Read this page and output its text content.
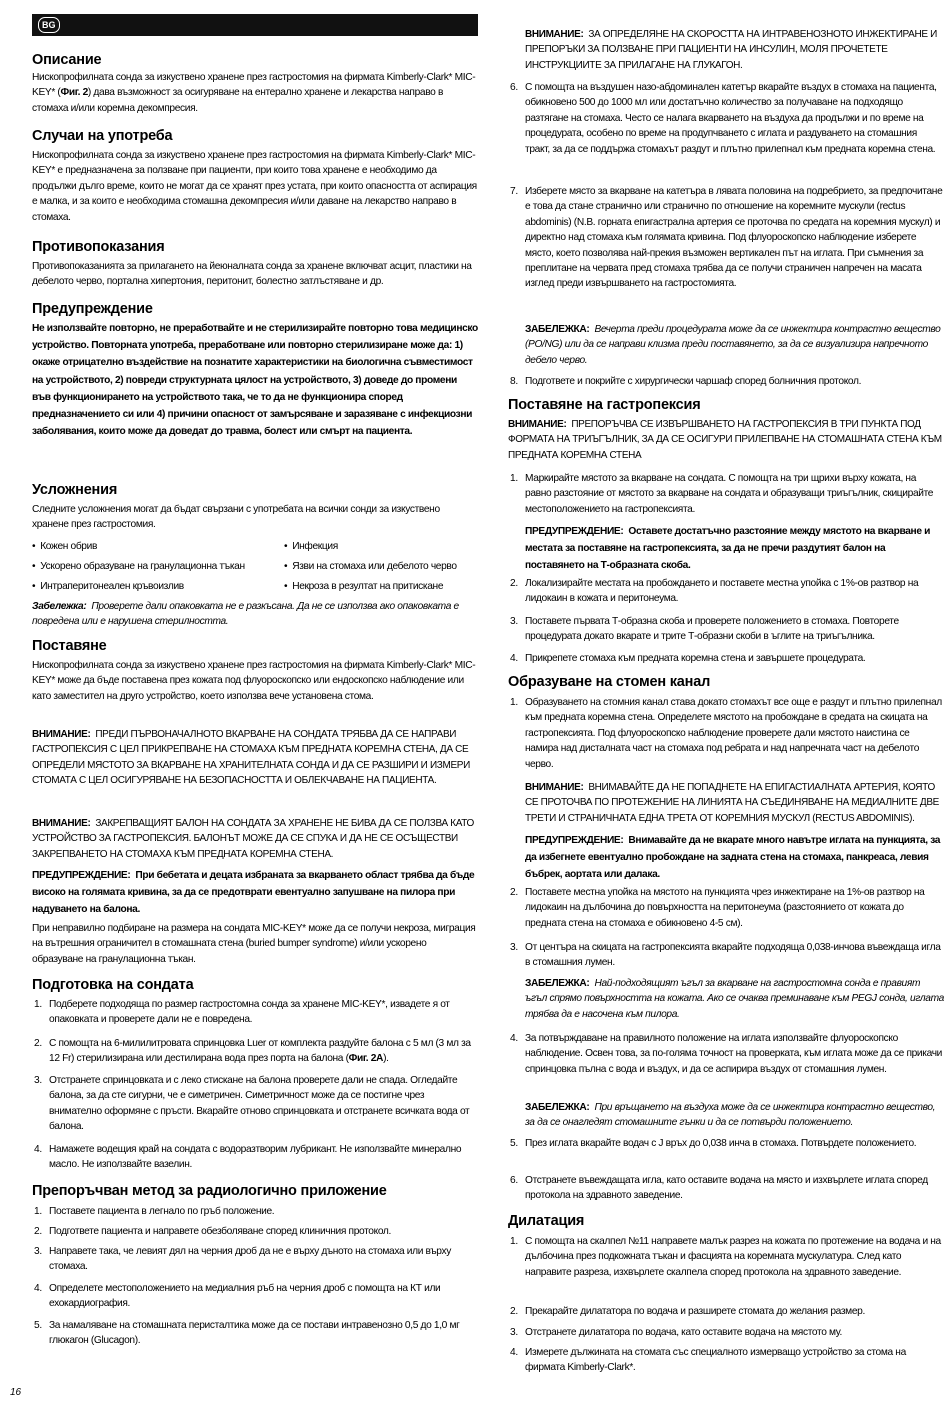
BG
Описание

Нископрофилната сонда за изкуствено хранене през гастростомия на фирмата Kimberly-Clark* MIC-KEY* (Фиг. 2) дава възможност за осигуряване на ентерално хранене и лекарства направо в стомаха и/или коремна декомпресия.

Случаи на употреба

Нископрофилната сонда за изкуствено хранене през гастростомия на фирмата Kimberly-Clark* MIC-KEY* е предназначена за ползване при пациенти, при които това хранене е необходимо да продължи дълго време, които не могат да се хранят през устата, при които опасността от аспирация е малка, и за които е необходима стомашна декомпресия и/или даване на лекарство направо в стомаха.

Противопоказания

Противопоказанията за прилагането на йеюналната сонда за хранене включват асцит, пластики на дебелото черво, портална хипертония, перитонит, болестно затлъстяване и др.

Предупреждение

Не използвайте повторно, не преработвайте и не стерилизирайте повторно това медицинско устройство. Повторната употреба, преработване или повторно стерилизиране може да: 1) окаже отрицателно въздействие на познатите характеристики на биологична съвместимост на устройството, 2) повреди структурната цялост на устройството, 3) доведе до промени във функционирането на устройството така, че то да не функционира според предназначението си или 4) причини опасност от замърсяване и заразяване с инфекциозни заболявания, които може да доведат до травма, болест или смърт на пациента.

Усложнения

Следните усложнения могат да бъдат свързани с употребата на всички сонди за изкуствено хранене през гастростомия.

•  Кожен обрив
•  Ускорено образуване на гранулационна тъкан
•  Интраперитонеален кръвоизлив
•  Инфекция
•  Язви на стомаха или дебелото черво
•  Некроза в резултат на притискане

Забележка: Проверете дали опаковката не е разкъсана. Да не се използва ако опаковката е повредена или е нарушена стерилността.

Поставяне

Нископрофилната сонда за изкуствено хранене през гастростомия на фирмата Kimberly-Clark* MIC-KEY* може да бъде поставена през кожата под флуороскопско или ендоскопско наблюдение или като заместител на друго устройство, което използва вече установена стома.

ВНИМАНИЕ: ПРЕДИ ПЪРВОНАЧАЛНОТО ВКАРВАНЕ НА СОНДАТА ТРЯБВА ДА СЕ НАПРАВИ ГАСТРОПЕКСИЯ С ЦЕЛ ПРИКРЕПВАНЕ НА СТОМАХА КЪМ ПРЕДНАТА КОРЕМНА СТЕНА, ДА СЕ ОПРЕДЕЛИ МЯСТОТО ЗА ВКАРВАНЕ НА ХРАНИТЕЛНАТА СОНДА И ДА СЕ РАЗШИРИ И ИЗМЕРИ СТОМАТА С ЦЕЛ ОСИГУРЯВАНЕ НА БЕЗОПАСНОСТТА И ОБЛЕКЧАВАНЕ НА ПАЦИЕНТА.

ВНИМАНИЕ: ЗАКРЕПВАЩИЯТ БАЛОН НА СОНДАТА ЗА ХРАНЕНЕ НЕ БИВА ДА СЕ ПОЛЗВА КАТО УСТРОЙСТВО ЗА ГАСТРОПЕКСИЯ. БАЛОНЪТ МОЖЕ ДА СЕ СПУКА И ДА НЕ СЕ ОСЪЩЕСТВИ ЗАКРЕПВАНЕТО НА СТОМАХА КЪМ ПРЕДНАТА КОРЕМНА СТЕНА.

ПРЕДУПРЕЖДЕНИЕ: При бебетата и децата избраната за вкарването област трябва да бъде високо на голямата кривина, за да се предотврати евентуално запушване на пилора при надуването на балона.

При неправилно подбиране на размера на сондата MIC-KEY* може да се получи некроза, миграция на вътрешния ограничител в стомашната стена (buried bumper syndrome) и/или ускорено образуване на гранулационна тъкан.

Подготовка на сондата
1. Подберете подходяща по размер гастростомна сонда за хранене MIC-KEY*, извадете я от опаковката и проверете дали не е повредена.
2. С помощта на 6-милилитровата спринцовка Luer от комплекта раздуйте балона с 5 мл (3 мл за 12 Fr) стерилизирана или дестилирана вода през порта на балона (Фиг. 2А).
3. Отстранете спринцовката и с леко стискане на балона проверете дали не спада. Огледайте балона, за да сте сигурни, че е симетричен. Симетричност може да се постигне чрез внимателно оформяне с пръсти. Вкарайте отново спринцовката и отстранете всичката вода от балона.
4. Намажете водещия край на сондата с водоразтворим лубрикант. Не използвайте минерално масло. Не използвайте вазелин.
Препоръчван метод за радиологично приложение
1. Поставете пациента в легнало по гръб положение.
2. Подгответе пациента и направете обезболяване според клиничния протокол.
3. Направете така, че левият дял на черния дроб да не е върху дъното на стомаха или върху стомаха.
4. Определете местоположението на медиалния ръб на черния дроб с помощта на КТ или ехокардиография.
5. За намаляване на стомашната перисталтика може да се постави интравенозно 0,5 до 1,0 мг глюкагон (Glucagon).

ВНИМАНИЕ: ЗА ОПРЕДЕЛЯНЕ НА СКОРОСТТА НА ИНТРАВЕНОЗНОТО ИНЖЕКТИРАНЕ И ПРЕПОРЪКИ ЗА ПОЛЗВАНЕ ПРИ ПАЦИЕНТИ НА ИНСУЛИН, МОЛЯ ПРОЧЕТЕТЕ ИНСТРУКЦИИТЕ ЗА ПРИЛАГАНЕ НА ГЛУКАГОН.

6. С помощта на въздушен назо-абдоминален катетър вкарайте въздух в стомаха на пациента, обикновено 500 до 1000 мл или достатъчно количество за получаване на подходящо разтягане на стомаха. Често се налага вкарването на въздуха да продължи и по време на процедурата, особено по време на продупчването с иглата и раздуването на стомашния тракт, за да се поддържа стомахът раздут и плътно прилепнал към предната коремна стена.
7. Изберете място за вкарване на катетъра в лявата половина на подребрието, за предпочитане е това да стане странично или странично по отношение на коремните мускули (rectus abdominis) (N.B. горната епигастрална артерия се проточва по средата на коремния мускул) и директно над стомаха към голямата кривина. Под флуороскопско наблюдение изберете място, което позволява най-прекия възможен вертикален път на иглата. При съмнения за преплитане на червата пред стомаха трябва да се получи страничен напречен на масата изглед преди извършването на гастростомията.

ЗАБЕЛЕЖКА: Вечерта преди процедурата може да се инжектира контрастно вещество (PO/NG) или да се направи клизма преди поставянето, за да се визуализира напречното дебело черво.

8. Подгответе и покрийте с хирургически чаршаф според болничния протокол.
Поставяне на гастропексия

ВНИМАНИЕ: ПРЕПОРЪЧВА СЕ ИЗВЪРШВАНЕТО НА ГАСТРОПЕКСИЯ В ТРИ ПУНКТА ПОД ФОРМАТА НА ТРИЪГЪЛНИК, ЗА ДА СЕ ОСИГУРИ ПРИЛЕПВАНЕ НА СТОМАШНАТА СТЕНА КЪМ ПРЕДНАТА КОРЕМНА СТЕНА

1. Маркирайте мястото за вкарване на сондата. С помощта на три щрихи върху кожата, на равно разстояние от мястото за вкарване на сондата и образуващи триъгълник, скицирайте местоположението на гастропексията.

ПРЕДУПРЕЖДЕНИЕ: Оставете достатъчно разстояние между мястото на вкарване и местата за поставяне на гастропексията, за да не пречи раздутият балон на поставянето на Т-образната скоба.

2. Локализирайте местата на пробождането и поставете местна упойка с 1%-ов разтвор на лидокаин в кожата и перитонеума.
3. Поставете първата Т-образна скоба и проверете положението в стомаха. Повторете процедурата докато вкарате и трите Т-образни скоби в ъглите на триъгълника.
4. Прикрепете стомаха към предната коремна стена и завършете процедурата.
Образуване на стомен канал
1. Образуването на стомния канал става докато стомахът все още е раздут и плътно прилепнал към предната коремна стена. Определете мястото на пробождане в средата на скицата на гастропексията. Под флуороскопско наблюдение проверете дали мястото наистина се намира над дисталната част на стомаха под ребрата и над напречната част на дебелото черво.

ВНИМАНИЕ: ВНИМАВАЙТЕ ДА НЕ ПОПАДНЕТЕ НА ЕПИГАСТИАЛНАТА АРТЕРИЯ, КОЯТО СЕ ПРОТОЧВА ПО ПРОТЕЖЕНИЕ НА ЛИНИЯТА НА СЪЕДИНЯВАНЕ НА МЕДИАЛНИТЕ ДВЕ ТРЕТИ И СТРАНИЧНАТА ЕДНА ТРЕТА ОТ КОРЕМНИЯ МУСКУЛ (RECTUS ABDOMINIS).

ПРЕДУПРЕЖДЕНИЕ: Внимавайте да не вкарате много навътре иглата на пункцията, за да избегнете евентуално пробождане на задната стена на стомаха, панкреаса, левия бъбрек, аортата или далака.

2. Поставете местна упойка на мястото на пункцията чрез инжектиране на 1%-ов разтвор на лидокаин на дълбочина до повърхността на перитонеума (разстоянието от кожата до предната стена на стомаха е обикновено 4-5 см).
3. От центъра на скицата на гастропексията вкарайте подходяща 0,038-инчова въвеждаща игла в стомашния лумен.

ЗАБЕЛЕЖКА: Най-подходящият ъгъл за вкарване на гастростомна сонда е правият ъгъл спрямо повърхността на кожата. Ако се очаква преминаване към PEGJ сонда, иглата трябва да е насочена към пилора.

4. За потвърждаване на правилното положение на иглата използвайте флуороскопско наблюдение. Освен това, за по-голяма точност на проверката, към иглата може да се прикачи спринцовка пълна с вода и въздух, и да се аспирира въздух от стомашния лумен.

ЗАБЕЛЕЖКА: При връщането на въздуха може да се инжектира контрастно вещество, за да се онагледят стомашните гънки и да се потвърди положението.

5. През иглата вкарайте водач с J връх до 0,038 инча в стомаха. Потвърдете положението.
6. Отстранете въвеждащата игла, като оставите водача на място и изхвърлете иглата според протокола на здравното заведение.
Дилатация
1. С помощта на скалпел №11 направете малък разрез на кожата по протежение на водача и на дълбочина през подкожната тъкан и фасцията на коремната мускулатура. След като направите разреза, изхвърлете скалпела според протокола на здравното заведение.
2. Прекарайте дилататора по водача и разширете стомата до желания размер.
3. Отстранете дилататора по водача, като оставите водача на мястото му.
4. Измерете дължината на стомата със специалното измерващо устройство за стома на фирмата Kimberly-Clark*.
16
